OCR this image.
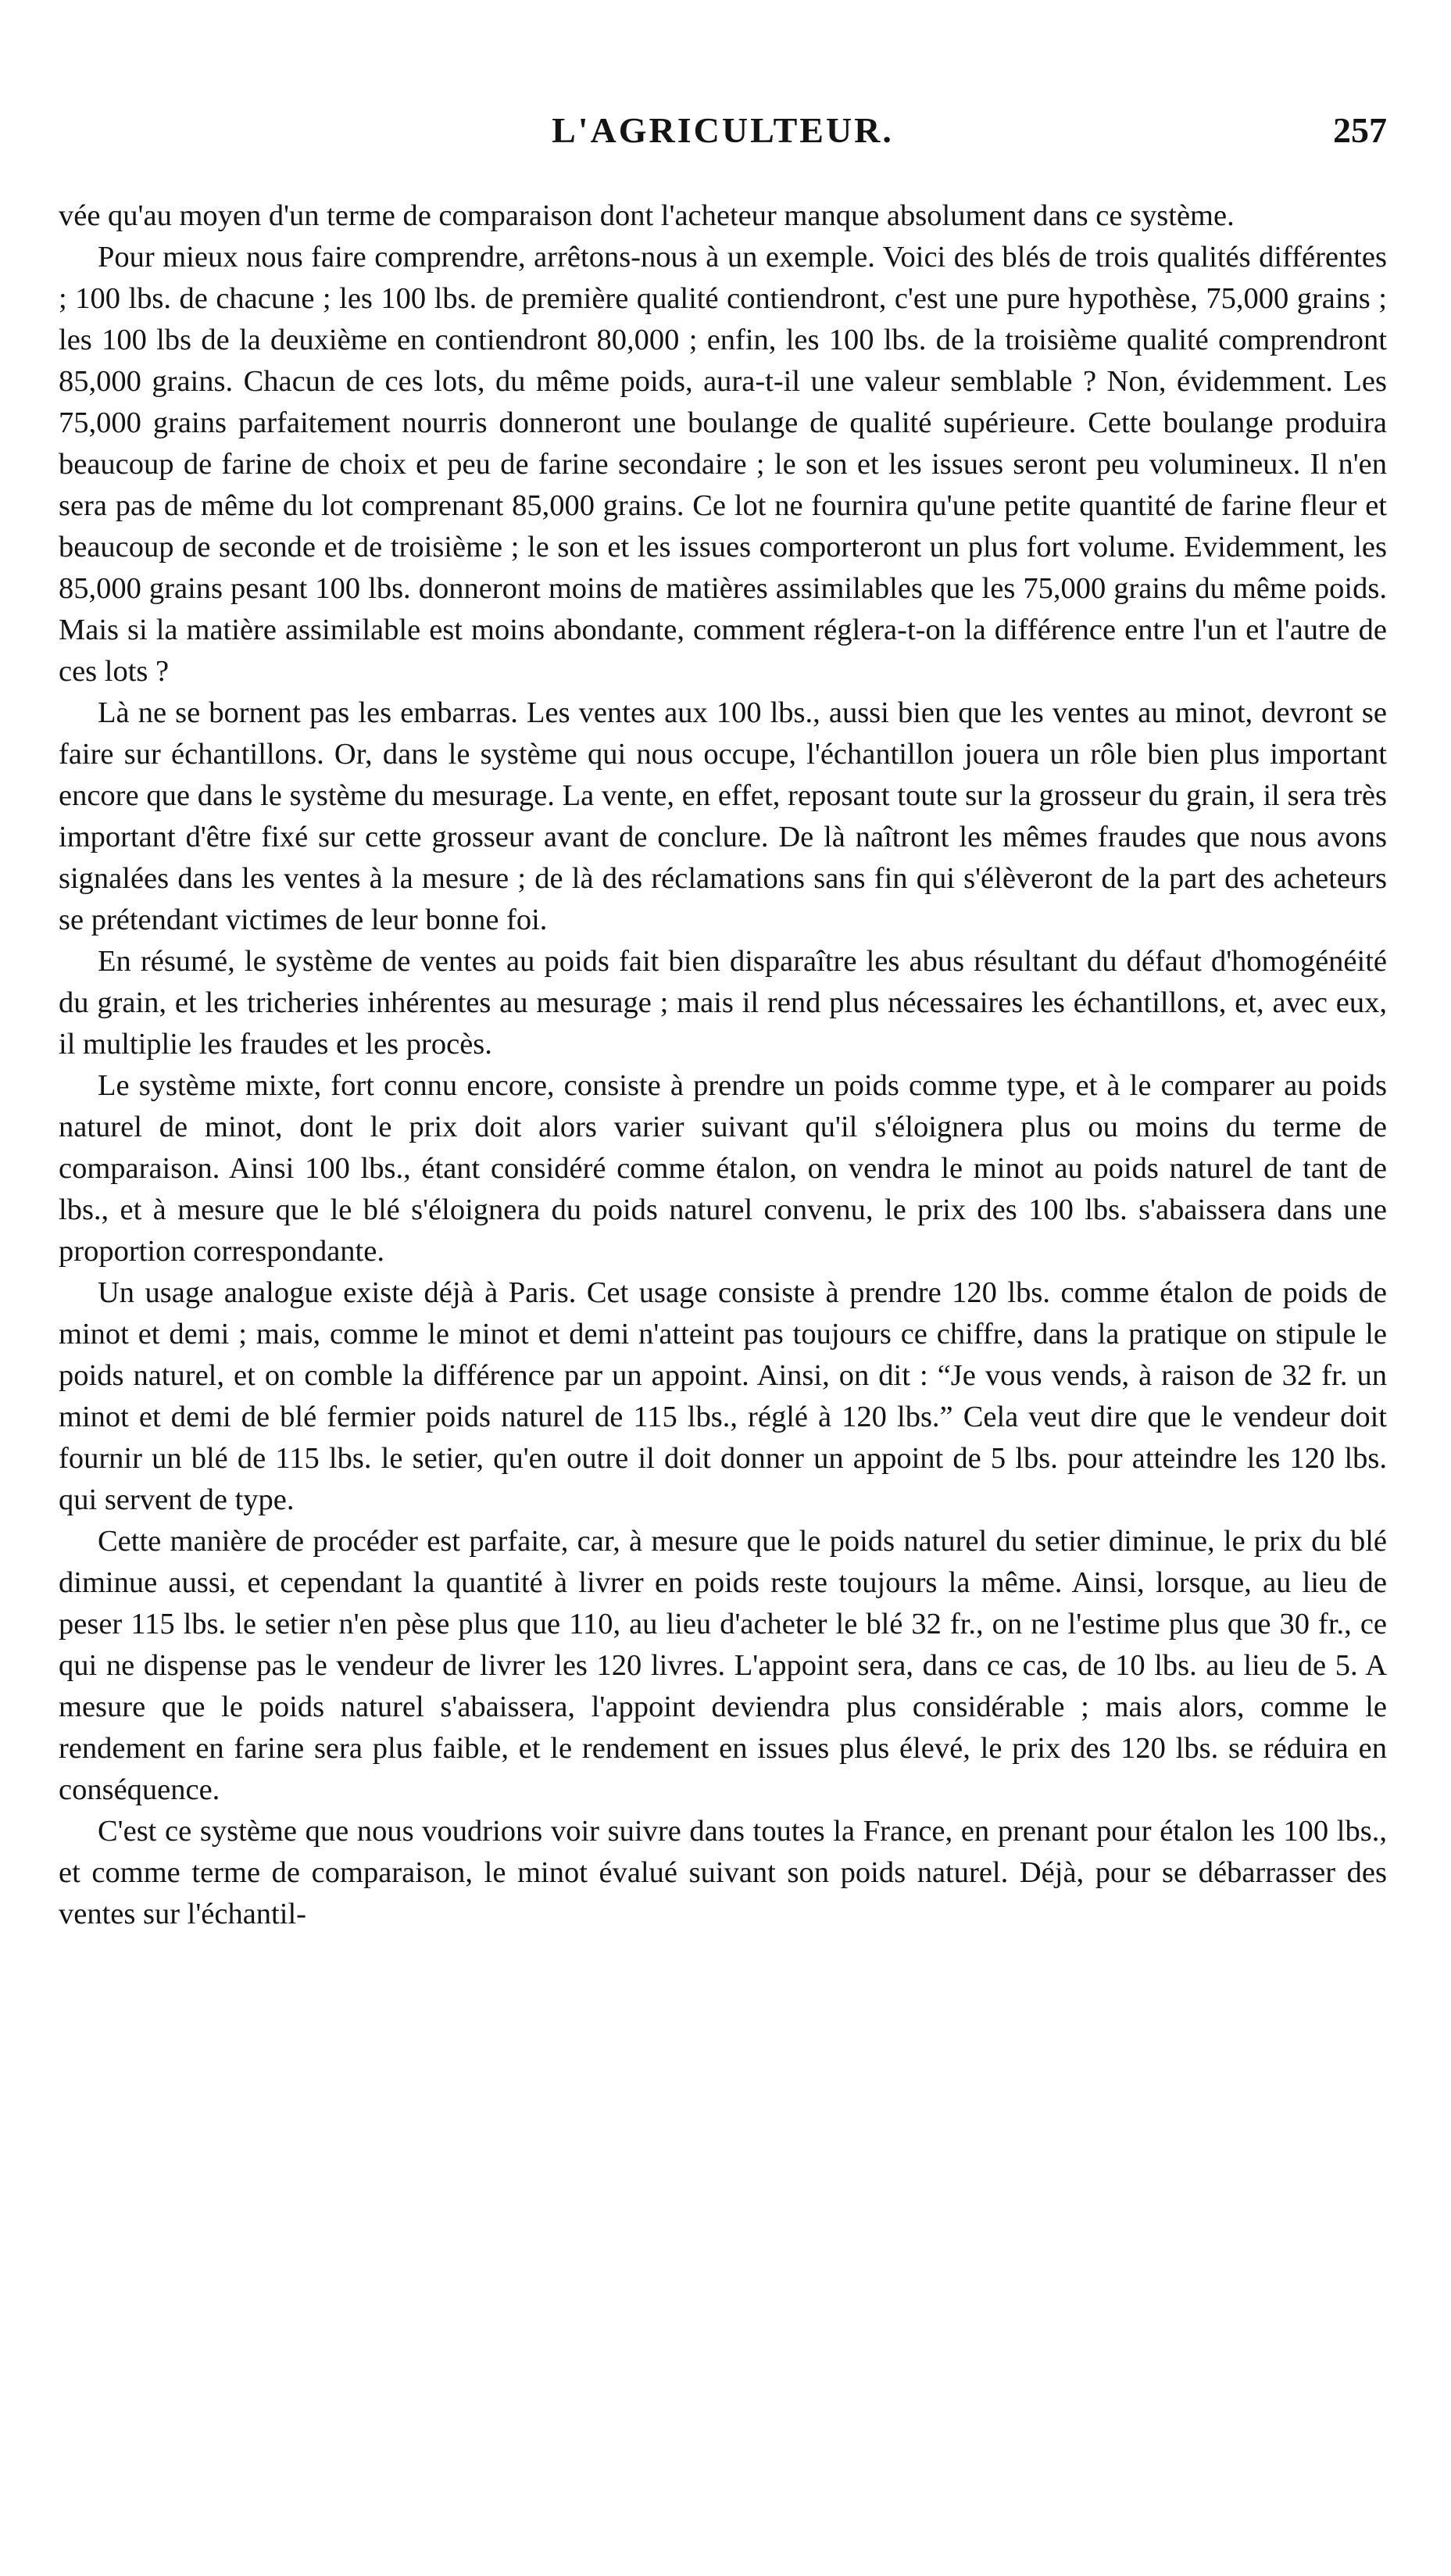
L'AGRICULTEUR.	257

vée qu'au moyen d'un terme de comparaison dont l'acheteur manque absolument dans ce système.

Pour mieux nous faire comprendre, arrêtons-nous à un exemple. Voici des blés de trois qualités différentes ; 100 lbs. de chacune ; les 100 lbs. de première qualité contiendront, c'est une pure hypothèse, 75,000 grains ; les 100 lbs de la deuxième en contiendront 80,000 ; enfin, les 100 lbs. de la troisième qualité comprendront 85,000 grains. Chacun de ces lots, du même poids, aura-t-il une valeur semblable ? Non, évidemment. Les 75,000 grains parfaitement nourris donneront une boulange de qualité supérieure. Cette boulange produira beaucoup de farine de choix et peu de farine secondaire ; le son et les issues seront peu volumineux. Il n'en sera pas de même du lot comprenant 85,000 grains. Ce lot ne fournira qu'une petite quantité de farine fleur et beaucoup de seconde et de troisième ; le son et les issues comporteront un plus fort volume. Evidemment, les 85,000 grains pesant 100 lbs. donneront moins de matières assimilables que les 75,000 grains du même poids. Mais si la matière assimilable est moins abondante, comment réglera-t-on la différence entre l'un et l'autre de ces lots ?

Là ne se bornent pas les embarras. Les ventes aux 100 lbs., aussi bien que les ventes au minot, devront se faire sur échantillons. Or, dans le système qui nous occupe, l'échantillon jouera un rôle bien plus important encore que dans le système du mesurage. La vente, en effet, reposant toute sur la grosseur du grain, il sera très important d'être fixé sur cette grosseur avant de conclure. De là naîtront les mêmes fraudes que nous avons signalées dans les ventes à la mesure ; de là des réclamations sans fin qui s'élèveront de la part des acheteurs se prétendant victimes de leur bonne foi.

En résumé, le système de ventes au poids fait bien disparaître les abus résultant du défaut d'homogénéité du grain, et les tricheries inhérentes au mesurage ; mais il rend plus nécessaires les échantillons, et, avec eux, il multiplie les fraudes et les procès.

Le système mixte, fort connu encore, consiste à prendre un poids comme type, et à le comparer au poids naturel de minot, dont le prix doit alors varier suivant qu'il s'éloignera plus ou moins du terme de comparaison. Ainsi 100 lbs., étant considéré comme étalon, on vendra le minot au poids naturel de tant de lbs., et à mesure que le blé s'éloignera du poids naturel convenu, le prix des 100 lbs. s'abaissera dans une proportion correspondante.

Un usage analogue existe déjà à Paris. Cet usage consiste à prendre 120 lbs. comme étalon de poids de minot et demi ; mais, comme le minot et demi n'atteint pas toujours ce chiffre, dans la pratique on stipule le poids naturel, et on comble la différence par un appoint. Ainsi, on dit : “Je vous vends, à raison de 32 fr. un minot et demi de blé fermier poids naturel de 115 lbs., réglé à 120 lbs.” Cela veut dire que le vendeur doit fournir un blé de 115 lbs. le setier, qu'en outre il doit donner un appoint de 5 lbs. pour atteindre les 120 lbs. qui servent de type.

Cette manière de procéder est parfaite, car, à mesure que le poids naturel du setier diminue, le prix du blé diminue aussi, et cependant la quantité à livrer en poids reste toujours la même. Ainsi, lorsque, au lieu de peser 115 lbs. le setier n'en pèse plus que 110, au lieu d'acheter le blé 32 fr., on ne l'estime plus que 30 fr., ce qui ne dispense pas le vendeur de livrer les 120 livres. L'appoint sera, dans ce cas, de 10 lbs. au lieu de 5. A mesure que le poids naturel s'abaissera, l'appoint deviendra plus considérable ; mais alors, comme le rendement en farine sera plus faible, et le rendement en issues plus élevé, le prix des 120 lbs. se réduira en conséquence.

C'est ce système que nous voudrions voir suivre dans toutes la France, en prenant pour étalon les 100 lbs., et comme terme de comparaison, le minot évalué suivant son poids naturel. Déjà, pour se débarrasser des ventes sur l'échantil-
